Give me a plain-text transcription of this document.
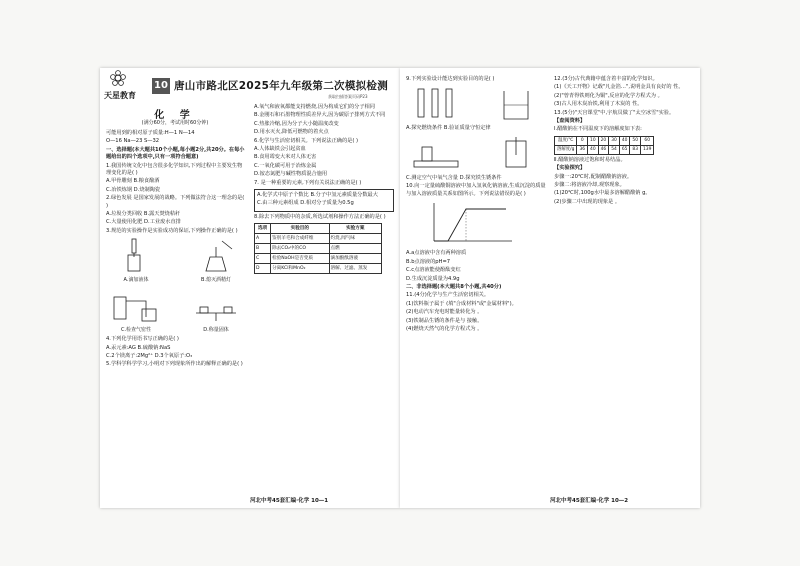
天星教育
10 唐山市路北区2025年九年级第二次模拟检测
获取扫描答案页码P23
化 学
(满分60分，考试用时60分钟)

可能用到的相对原子质量:H—1 N—14

O—16 Na—23 S—32

一、选择题(本大题共10个小题,每小题2分,共20分。在每小题给出的四个选项中,只有一项符合题意)

1.我国传统文化中包含很多化学知识,下列过程中主要发生物理变化的是( )

A.甲骨雕刻 B.粮食酿酒

C.冶铁炼钢 D.烧制陶瓷

2.绿色发展 是国家发展的战略。下列做法符合这一理念的是( )

A.垃圾分类回收 B.露天焚烧秸秆

C.大量使用化肥 D.工业废水直排

3.规范的实验操作是实验成功的保证,下列操作正确的是( )

A.滴加液体	B.熄灭酒精灯
C.检查气密性	D.称量固体

4.下列化学用语书写正确的是( )

A.汞元素:AG B.硫酸钠:NaS

C.2个镁离子:2Mg²⁺ D.3个氧原子:O₃

5.学科学科学学习,小明对下列现象所作出的解释正确的是( )

A.氧气和液氧都能支持燃烧,因为构成它们的分子相同

B.金刚石和石墨物理性质差异大,因为碳原子排列方式不同

C.热胀冷缩,因为分子大小随温度改变

D.用水灭火,降低可燃物的着火点

6.化学与生活密切相关。下列说法正确的是( )

A.人体缺铁会引起贫血

B.食用霉变大米对人体无害

C.一氧化碳可用于冶炼金属

D.铵态氮肥与碱性物质混合施用

7. 是一种重要的元素,下列有关说法正确的是( )

A.化学式中原子个数比 B.分子中氢元素质量分数最大

C.由三种元素组成 D.相对分子质量为0.5g

8.除去下列物质中的杂质,所选试剂和操作方法正确的是( )

选项	实验目的	实验方案
A	鉴别羊毛和合成纤维	灼烧,闻气味
B	除去CO₂中的CO	点燃
C	检验NaOH是否变质	滴加酚酞溶液
D	分离KCl和MnO₂	溶解、过滤、蒸发
河北中考45套汇编·化学 10—1

9.下列实验设计能达到实验目的的是( )

A.探究燃烧条件 B.验证质量守恒定律

C.测定空气中氧气含量 D.探究铁生锈条件

10.向一定量硫酸铜溶液中加入氢氧化钠溶液,生成沉淀的质量与加入溶液质量关系如图所示。下列说法错误的是( )

A.a点溶液中含有两种溶质

B.b点溶液的pH=7

C.c点溶液能使酚酞变红

D.生成沉淀质量为4.9g

二、非选择题(本大题共8个小题,共40分)

11.(4分)化学与生产生活密切相关。

(1)饮料瓶子属于 (填"合成材料"或"金属材料")。

(2)电动汽车充电时能量转化为 。

(3)铁制品生锈的条件是与 接触。

(4)燃烧天然气的化学方程式为 。

12.(3分)古代典籍中蕴含着丰富的化学知识。

(1)《天工开物》记载"凡金箔…",说明金具有良好的 性。

(2)"曾青得铁则化为铜",反应的化学方程式为 。

(3)古人用木炭冶铁,利用了木炭的 性。

13.(5分)"天宫课堂"中,宇航员做了"太空冰雪"实验。

【查阅资料】

Ⅰ.醋酸钠在不同温度下的溶解度如下表:

温度/℃	0	10	20	30	40	50	60
溶解度/g	36	40	46	54	65	83	139

Ⅱ.醋酸钠溶液过饱和时易结晶。

【实验探究】

步骤一:20℃时,配制醋酸钠溶液。

步骤二:将溶液冷却,观察现象。

(1)20℃时,100g水中最多溶解醋酸钠 g。

(2)步骤二中出现的现象是 。

河北中考45套汇编·化学 10—2
